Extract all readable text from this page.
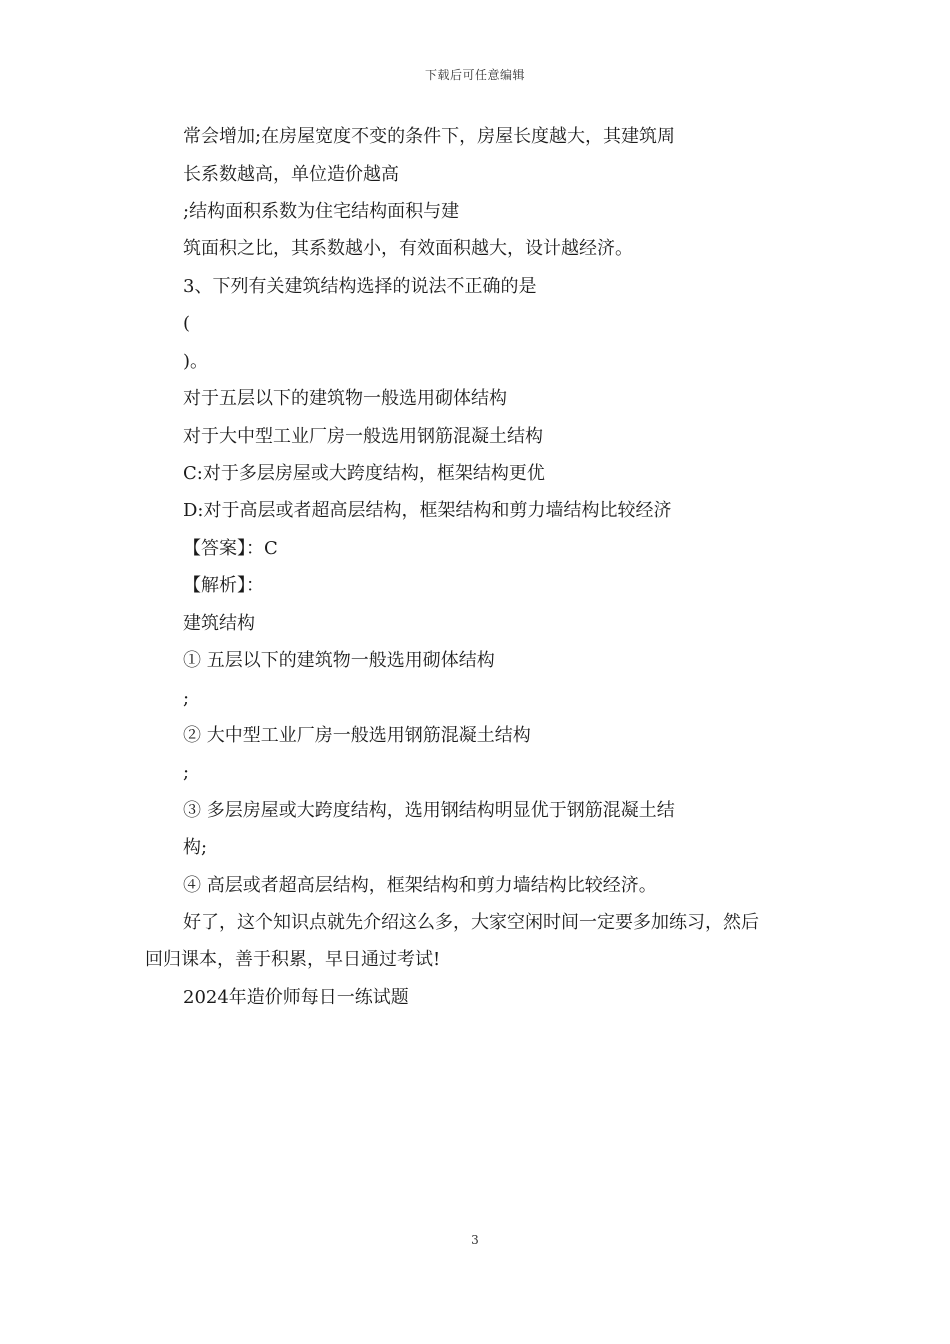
下载后可任意编辑
常会增加;在房屋宽度不变的条件下，房屋长度越大，其建筑周
长系数越高，单位造价越高
;结构面积系数为住宅结构面积与建
筑面积之比，其系数越小，有效面积越大，设计越经济。
3、下列有关建筑结构选择的说法不正确的是
(
)。
对于五层以下的建筑物一般选用砌体结构
对于大中型工业厂房一般选用钢筋混凝土结构
C:对于多层房屋或大跨度结构，框架结构更优
D:对于高层或者超高层结构，框架结构和剪力墙结构比较经济
【答案】：C
【解析】：
建筑结构
① 五层以下的建筑物一般选用砌体结构
;
② 大中型工业厂房一般选用钢筋混凝土结构
;
③ 多层房屋或大跨度结构，选用钢结构明显优于钢筋混凝土结
构;
④ 高层或者超高层结构，框架结构和剪力墙结构比较经济。
好了，这个知识点就先介绍这么多，大家空闲时间一定要多加练习，然后
回归课本，善于积累，早日通过考试!
2024年造价师每日一练试题
3
